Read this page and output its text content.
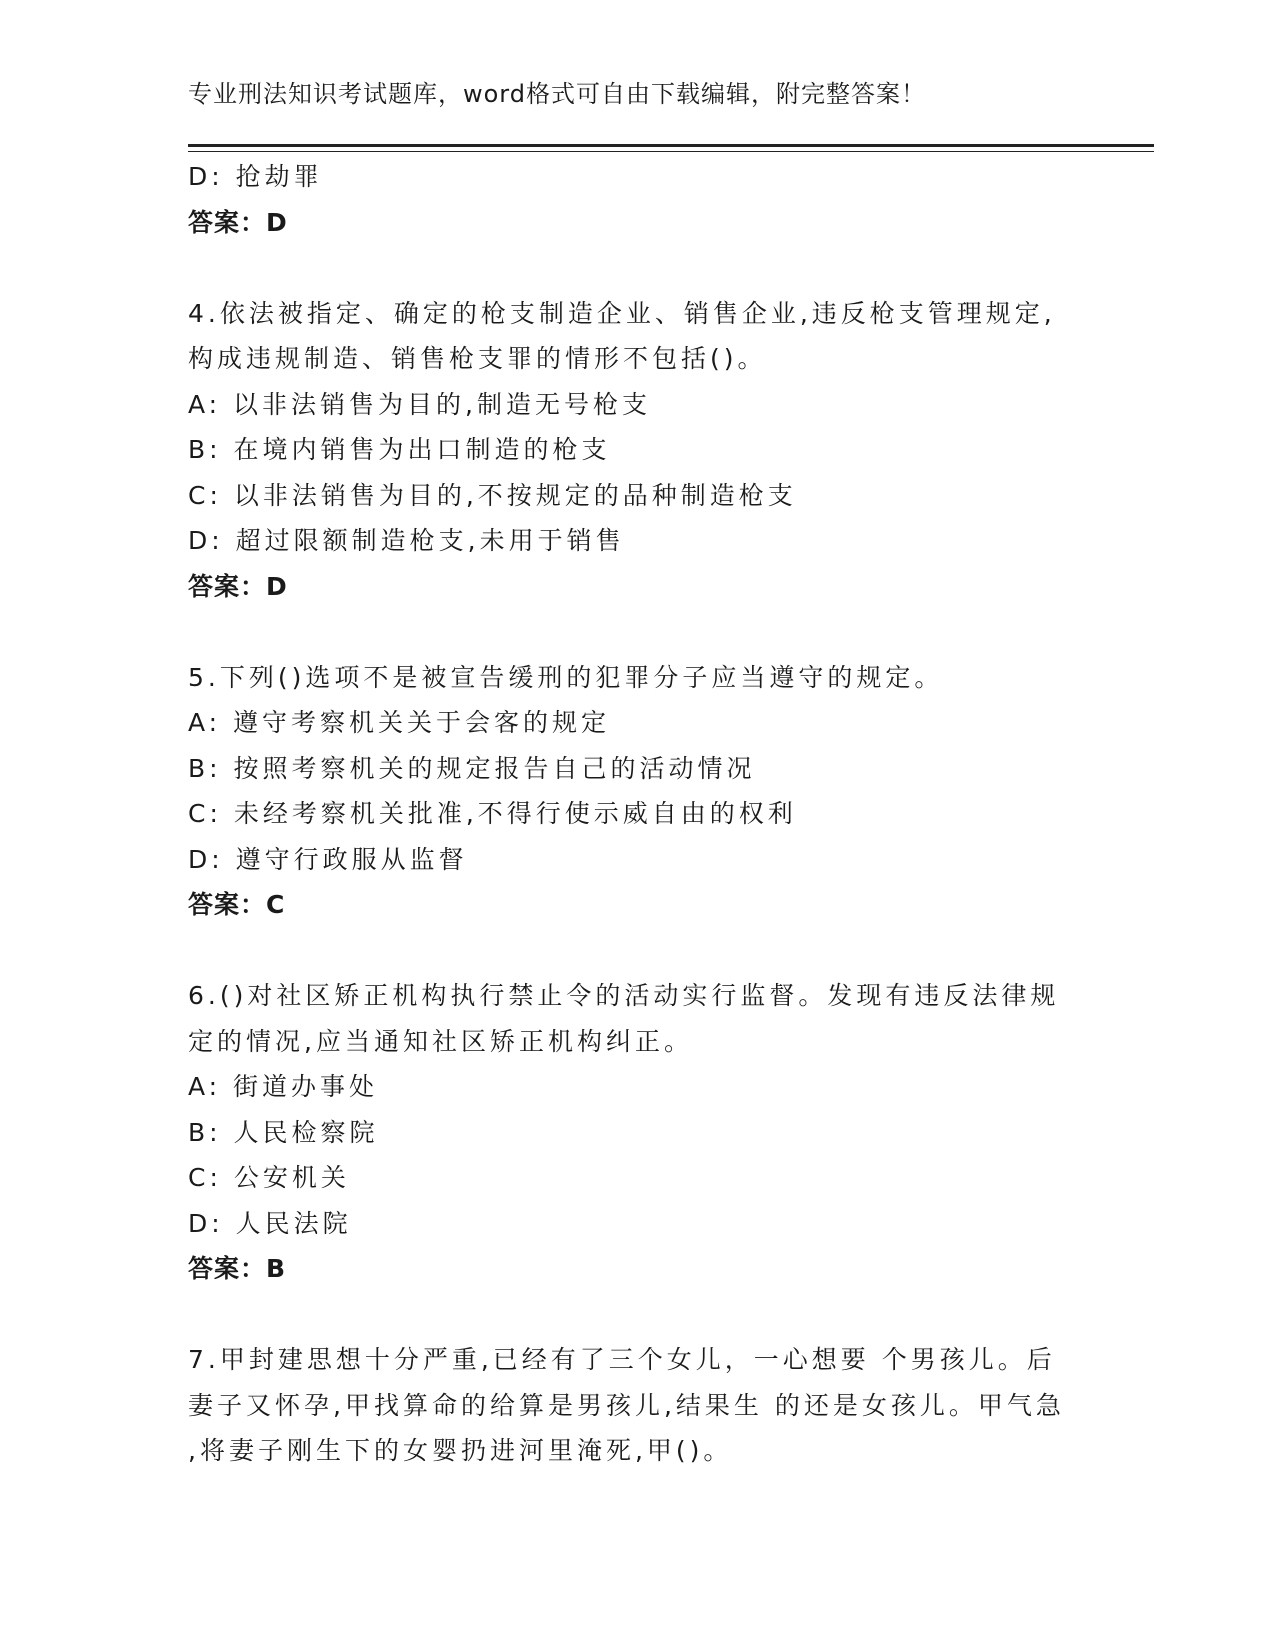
专业刑法知识考试题库，word格式可自由下载编辑，附完整答案！
D: 抢劫罪
答案：D
4.依法被指定、确定的枪支制造企业、销售企业,违反枪支管理规定,
构成违规制造、销售枪支罪的情形不包括()。
A: 以非法销售为目的,制造无号枪支
B: 在境内销售为出口制造的枪支
C: 以非法销售为目的,不按规定的品种制造枪支
D: 超过限额制造枪支,未用于销售
答案：D
5.下列()选项不是被宣告缓刑的犯罪分子应当遵守的规定。
A: 遵守考察机关关于会客的规定
B: 按照考察机关的规定报告自己的活动情况
C: 未经考察机关批准,不得行使示威自由的权利
D: 遵守行政服从监督
答案：C
6.()对社区矫正机构执行禁止令的活动实行监督。发现有违反法律规
定的情况,应当通知社区矫正机构纠正。
A: 街道办事处
B: 人民检察院
C: 公安机关
D: 人民法院
答案：B
7.甲封建思想十分严重,已经有了三个女儿，一心想要 个男孩儿。后
妻子又怀孕,甲找算命的给算是男孩儿,结果生 的还是女孩儿。甲气急
,将妻子刚生下的女婴扔进河里淹死,甲()。
